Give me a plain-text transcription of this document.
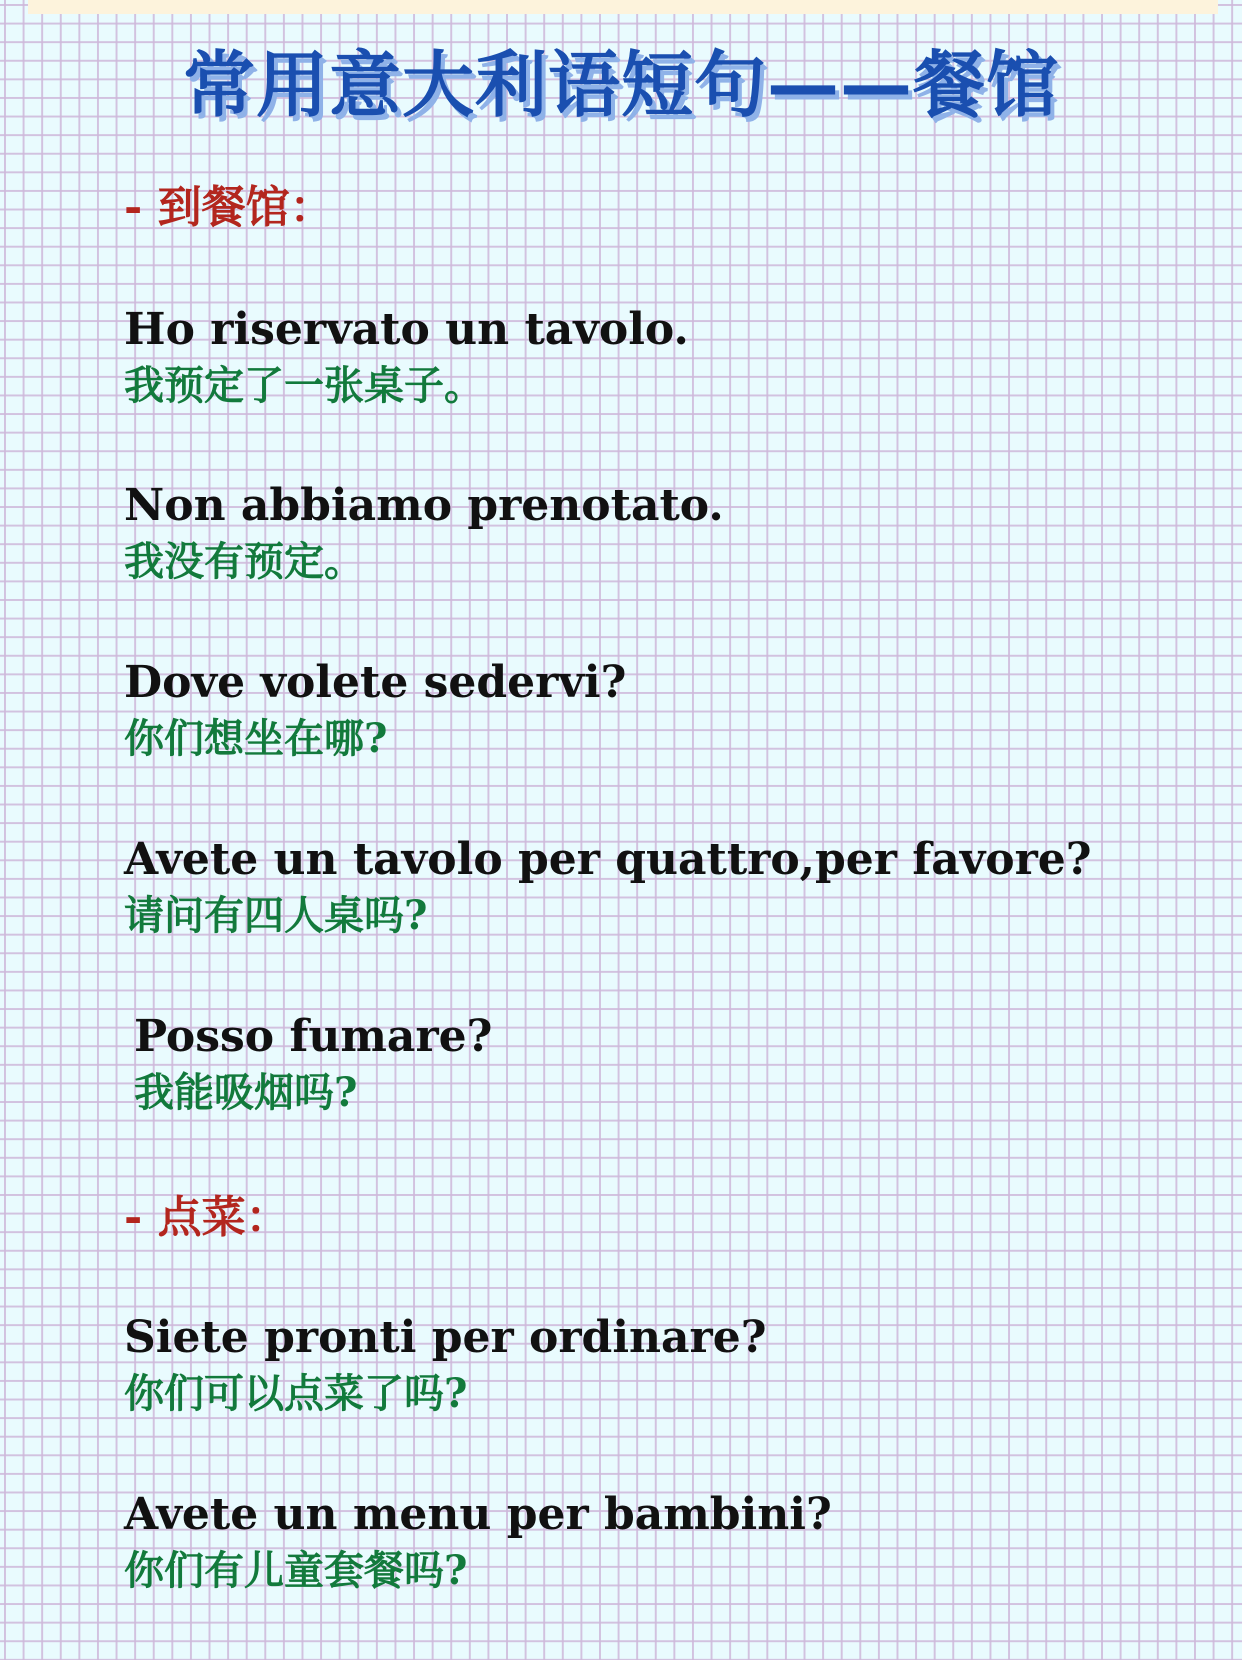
常用意大利语短句——餐馆
- 到餐馆：
Ho riservato un tavolo.
我预定了一张桌子。
Non abbiamo prenotato.
我没有预定。
Dove volete sedervi?
你们想坐在哪?
Avete un tavolo per quattro,per favore?
请问有四人桌吗?
Posso fumare?
我能吸烟吗?
- 点菜：
Siete pronti per ordinare?
你们可以点菜了吗?
Avete un menu per bambini?
你们有儿童套餐吗?
